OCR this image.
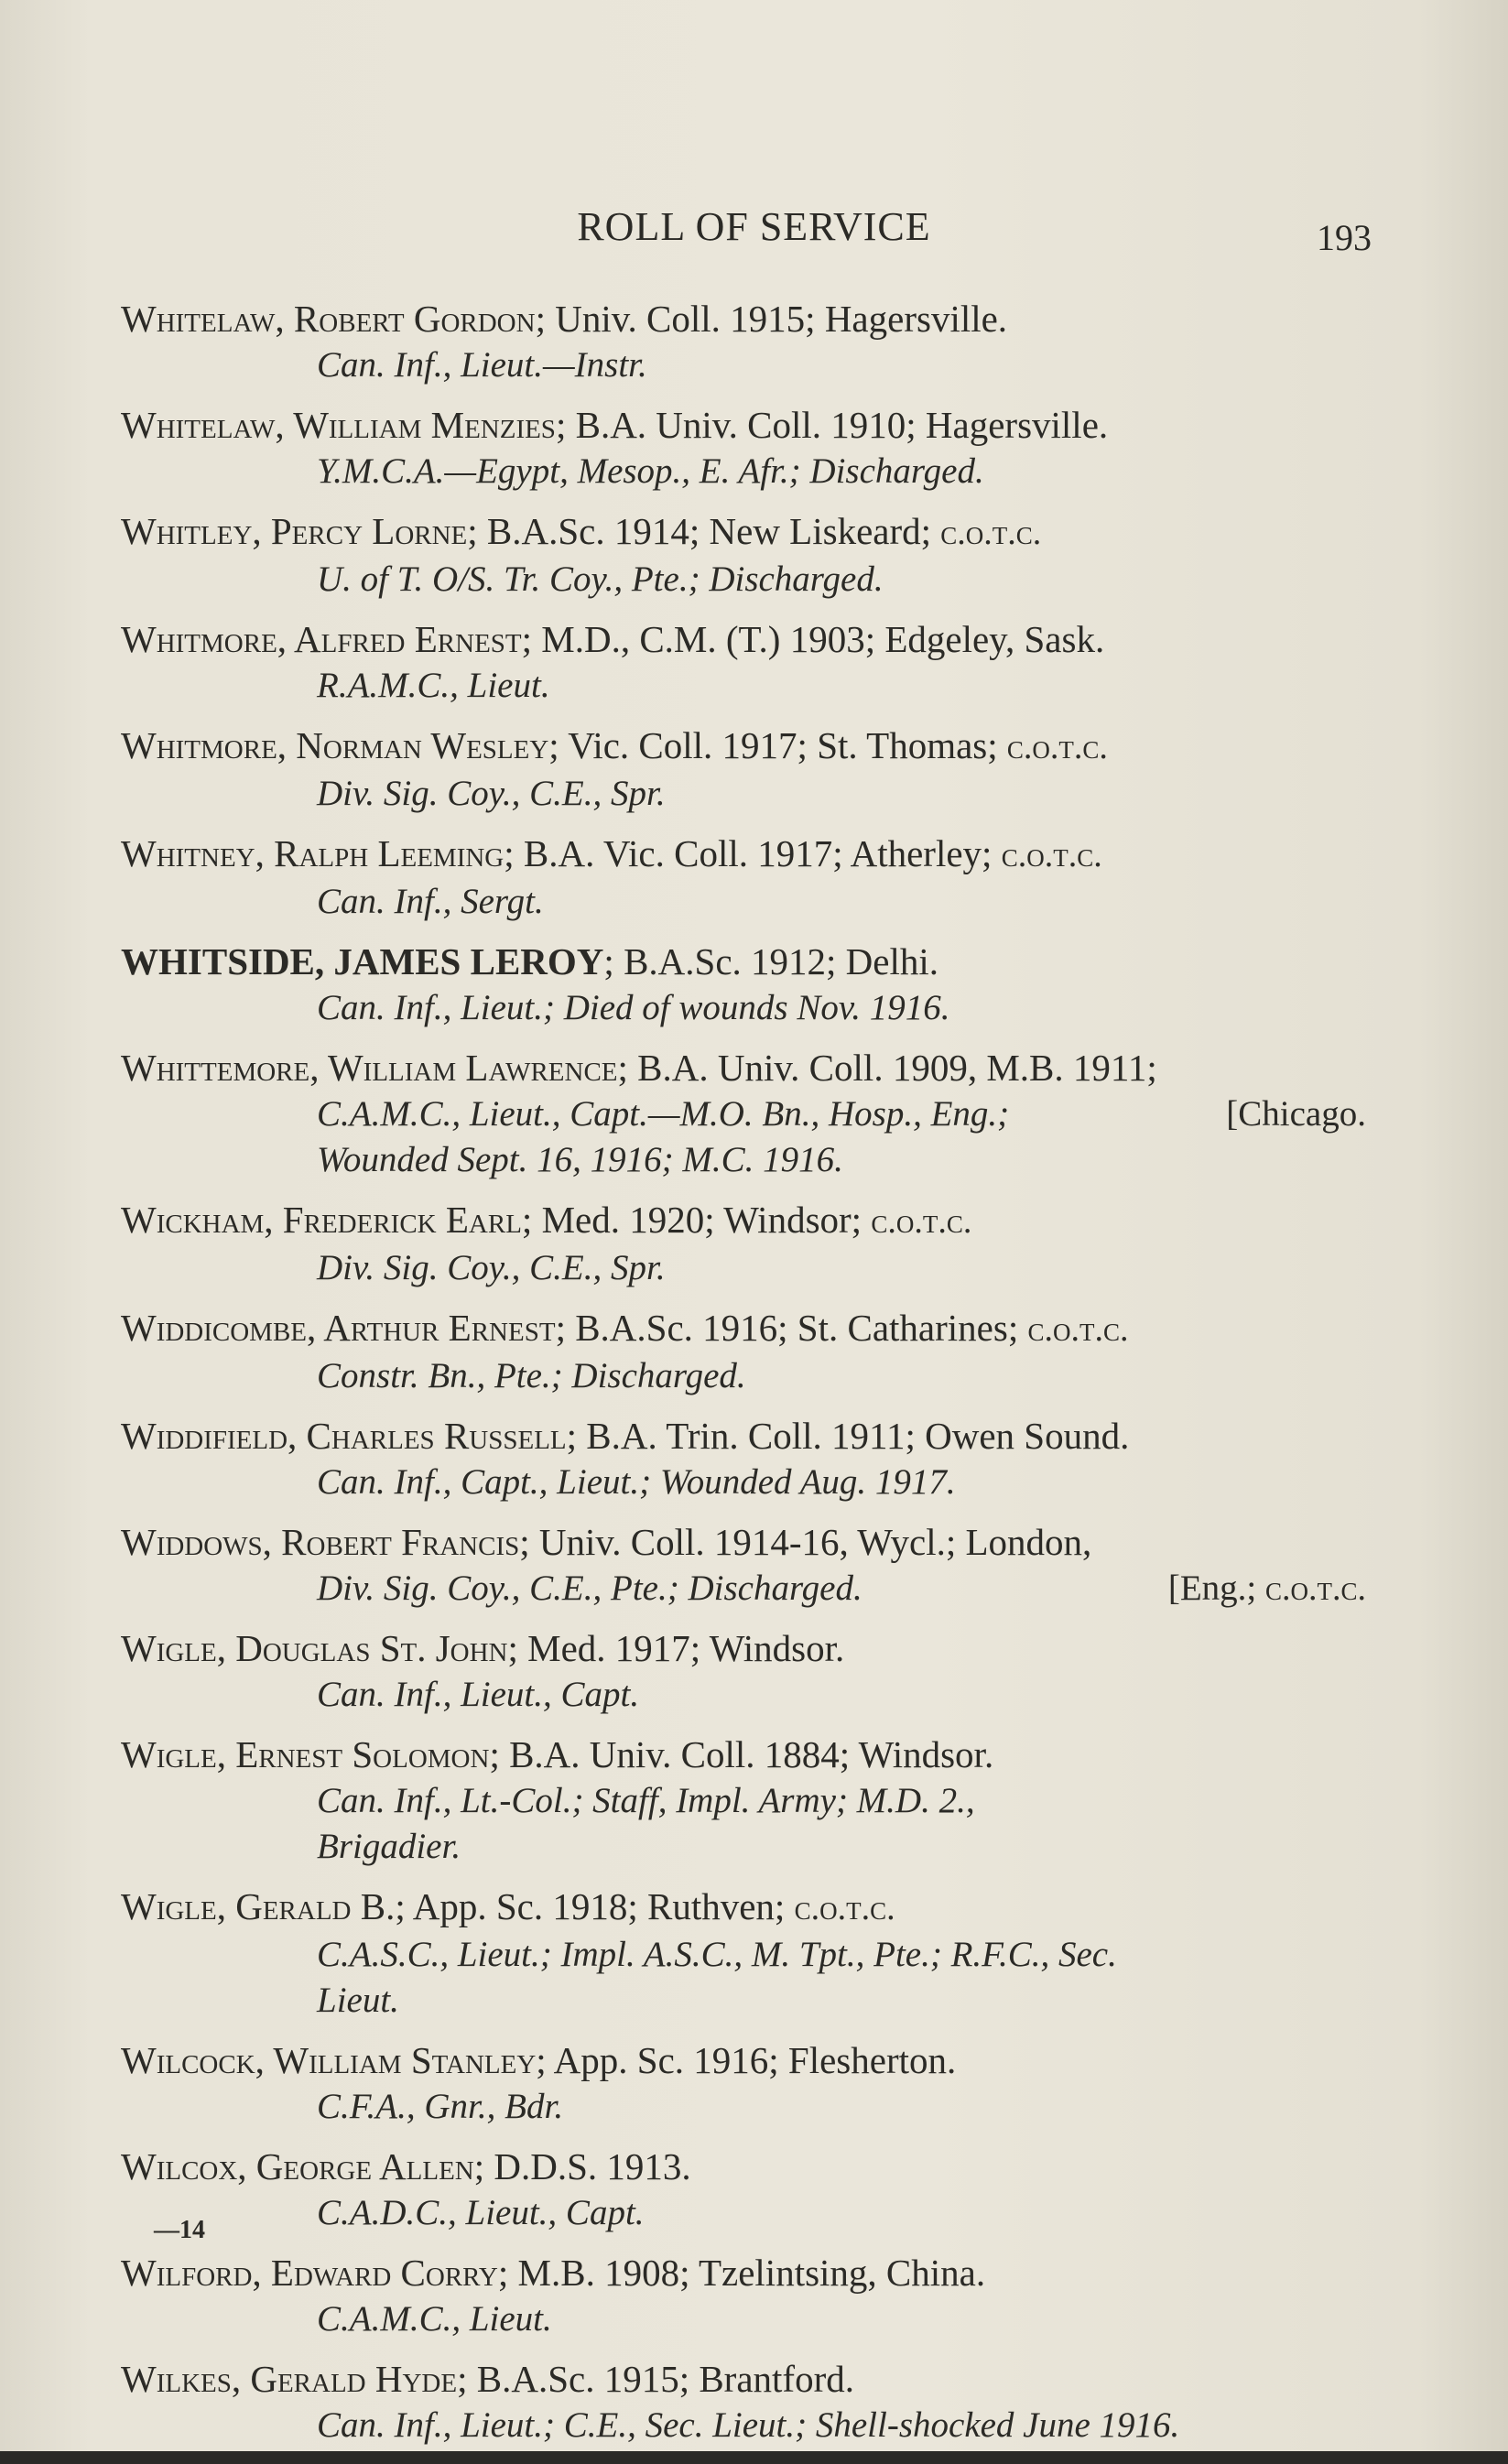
ROLL OF SERVICE	193
Whitelaw, Robert Gordon; Univ. Coll. 1915; Hagersville.
Can. Inf., Lieut.—Instr.
Whitelaw, William Menzies; B.A. Univ. Coll. 1910; Hagersville.
Y.M.C.A.—Egypt, Mesop., E. Afr.; Discharged.
Whitley, Percy Lorne; B.A.Sc. 1914; New Liskeard; c.o.t.c.
U. of T. O/S. Tr. Coy., Pte.; Discharged.
Whitmore, Alfred Ernest; M.D., C.M. (T.) 1903; Edgeley, Sask.
R.A.M.C., Lieut.
Whitmore, Norman Wesley; Vic. Coll. 1917; St. Thomas; c.o.t.c.
Div. Sig. Coy., C.E., Spr.
Whitney, Ralph Leeming; B.A. Vic. Coll. 1917; Atherley; c.o.t.c.
Can. Inf., Sergt.
WHITSIDE, JAMES LEROY; B.A.Sc. 1912; Delhi.
Can. Inf., Lieut.; Died of wounds Nov. 1916.
Whittemore, William Lawrence; B.A. Univ. Coll. 1909, M.B. 1911;
C.A.M.C., Lieut., Capt.—M.O. Bn., Hosp., Eng.;	[Chicago.
Wounded Sept. 16, 1916; M.C. 1916.
Wickham, Frederick Earl; Med. 1920; Windsor; c.o.t.c.
Div. Sig. Coy., C.E., Spr.
Widdicombe, Arthur Ernest; B.A.Sc. 1916; St. Catharines; c.o.t.c.
Constr. Bn., Pte.; Discharged.
Widdifield, Charles Russell; B.A. Trin. Coll. 1911; Owen Sound.
Can. Inf., Capt., Lieut.; Wounded Aug. 1917.
Widdows, Robert Francis; Univ. Coll. 1914-16, Wycl.; London,
Div. Sig. Coy., C.E., Pte.; Discharged.	[Eng.; c.o.t.c.
Wigle, Douglas St. John; Med. 1917; Windsor.
Can. Inf., Lieut., Capt.
Wigle, Ernest Solomon; B.A. Univ. Coll. 1884; Windsor.
Can. Inf., Lt.-Col.; Staff, Impl. Army; M.D. 2.,
Brigadier.
Wigle, Gerald B.; App. Sc. 1918; Ruthven; c.o.t.c.
C.A.S.C., Lieut.; Impl. A.S.C., M. Tpt., Pte.; R.F.C., Sec.
Lieut.
Wilcock, William Stanley; App. Sc. 1916; Flesherton.
C.F.A., Gnr., Bdr.
Wilcox, George Allen; D.D.S. 1913.
C.A.D.C., Lieut., Capt.
Wilford, Edward Corry; M.B. 1908; Tzelintsing, China.
C.A.M.C., Lieut.
Wilkes, Gerald Hyde; B.A.Sc. 1915; Brantford.
Can. Inf., Lieut.; C.E., Sec. Lieut.; Shell-shocked June 1916.
—14
